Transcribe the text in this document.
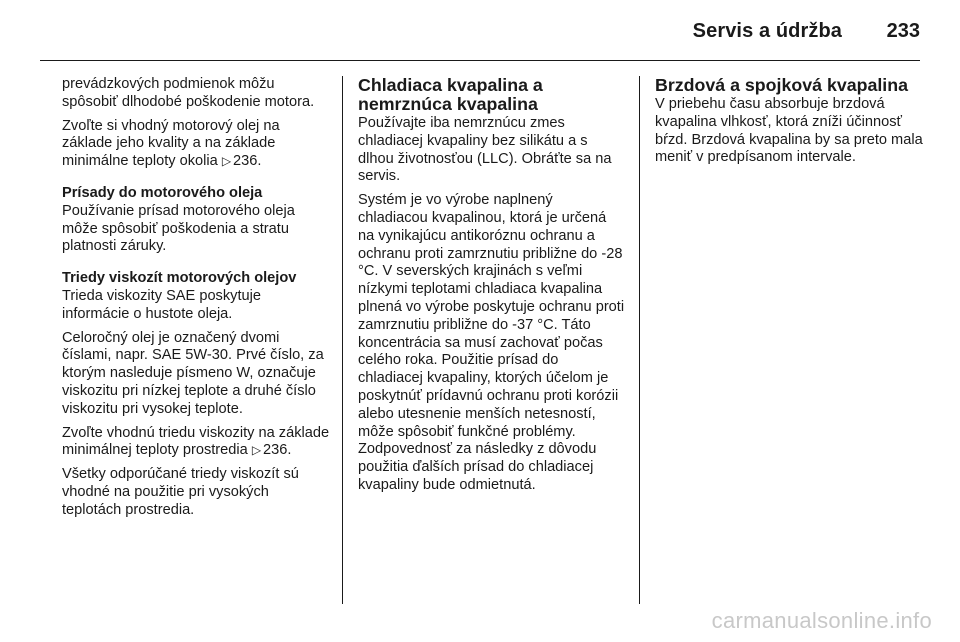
Servis a údržba 233

prevádzkových podmienok môžu spôsobiť dlhodobé poškodenie motora.

Zvoľte si vhodný motorový olej na základe jeho kvality a na základe minimálne teploty okolia ▷ 236.

Prísady do motorového oleja

Používanie prísad motorového oleja môže spôsobiť poškodenia a stratu platnosti záruky.

Triedy viskozít motorových olejov

Trieda viskozity SAE poskytuje informácie o hustote oleja.

Celoročný olej je označený dvomi číslami, napr. SAE 5W-30. Prvé číslo, za ktorým nasleduje písmeno W, označuje viskozitu pri nízkej teplote a druhé číslo viskozitu pri vysokej teplote.

Zvoľte vhodnú triedu viskozity na základe minimálnej teploty prostredia ▷ 236.

Všetky odporúčané triedy viskozít sú vhodné na použitie pri vysokých teplotách prostredia.

Chladiaca kvapalina a nemrznúca kvapalina

Používajte iba nemrznúcu zmes chladiacej kvapaliny bez silikátu a s dlhou životnosťou (LLC). Obráťte sa na servis.

Systém je vo výrobe naplnený chladiacou kvapalinou, ktorá je určená na vynikajúcu antikoróznu ochranu a ochranu proti zamrznutiu približne do -28 °C. V severských krajinách s veľmi nízkymi teplotami chladiaca kvapalina plnená vo výrobe poskytuje ochranu proti zamrznutiu približne do -37 °C. Táto koncentrácia sa musí zachovať počas celého roka. Použitie prísad do chladiacej kvapaliny, ktorých účelom je poskytnúť prídavnú ochranu proti korózii alebo utesnenie menších netesností, môže spôsobiť funkčné problémy. Zodpovednosť za následky z dôvodu použitia ďalších prísad do chladiacej kvapaliny bude odmietnutá.

Brzdová a spojková kvapalina

V priebehu času absorbuje brzdová kvapalina vlhkosť, ktorá zníži účinnosť bŕzd. Brzdová kvapalina by sa preto mala meniť v predpísanom intervale.

carmanualsonline.info
